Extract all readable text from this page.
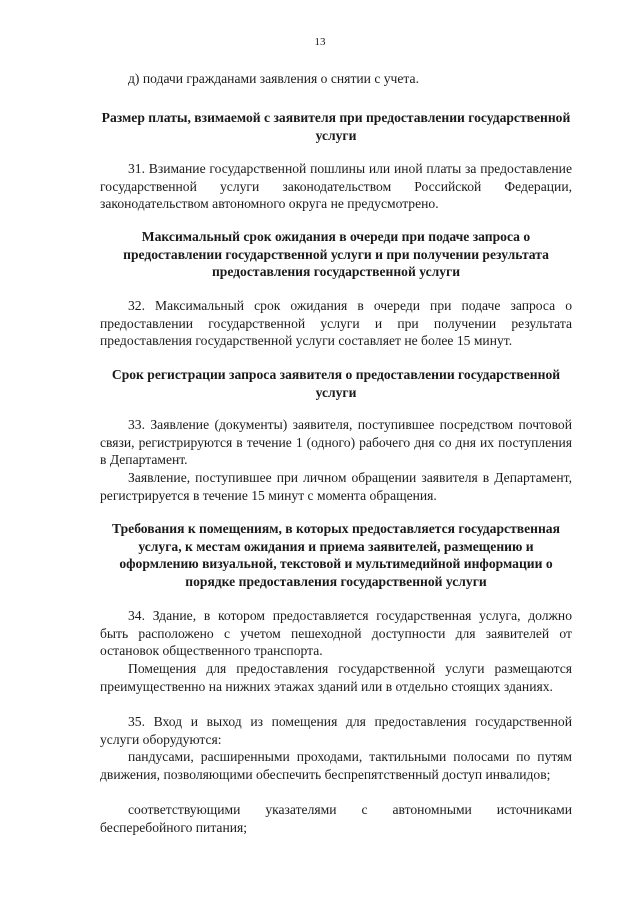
13
д) подачи гражданами заявления о снятии с учета.
Размер платы, взимаемой с заявителя при предоставлении государственной услуги
31. Взимание государственной пошлины или иной платы за предоставление государственной услуги законодательством Российской Федерации, законодательством автономного округа не предусмотрено.
Максимальный срок ожидания в очереди при подаче запроса о предоставлении государственной услуги и при получении результата предоставления государственной услуги
32. Максимальный срок ожидания в очереди при подаче запроса о предоставлении государственной услуги и при получении результата предоставления государственной услуги составляет не более 15 минут.
Срок регистрации запроса заявителя о предоставлении государственной услуги
33. Заявление (документы) заявителя, поступившее посредством почтовой связи, регистрируются в течение 1 (одного) рабочего дня со дня их поступления в Департамент.
Заявление, поступившее при личном обращении заявителя в Департамент, регистрируется в течение 15 минут с момента обращения.
Требования к помещениям, в которых предоставляется государственная услуга, к местам ожидания и приема заявителей, размещению и оформлению визуальной, текстовой и мультимедийной информации о порядке предоставления государственной услуги
34. Здание, в котором предоставляется государственная услуга, должно быть расположено с учетом пешеходной доступности для заявителей от остановок общественного транспорта.
Помещения для предоставления государственной услуги размещаются преимущественно на нижних этажах зданий или в отдельно стоящих зданиях.
35. Вход и выход из помещения для предоставления государственной услуги оборудуются:
пандусами, расширенными проходами, тактильными полосами по путям движения, позволяющими обеспечить беспрепятственный доступ инвалидов;
соответствующими указателями с автономными источниками бесперебойного питания;
